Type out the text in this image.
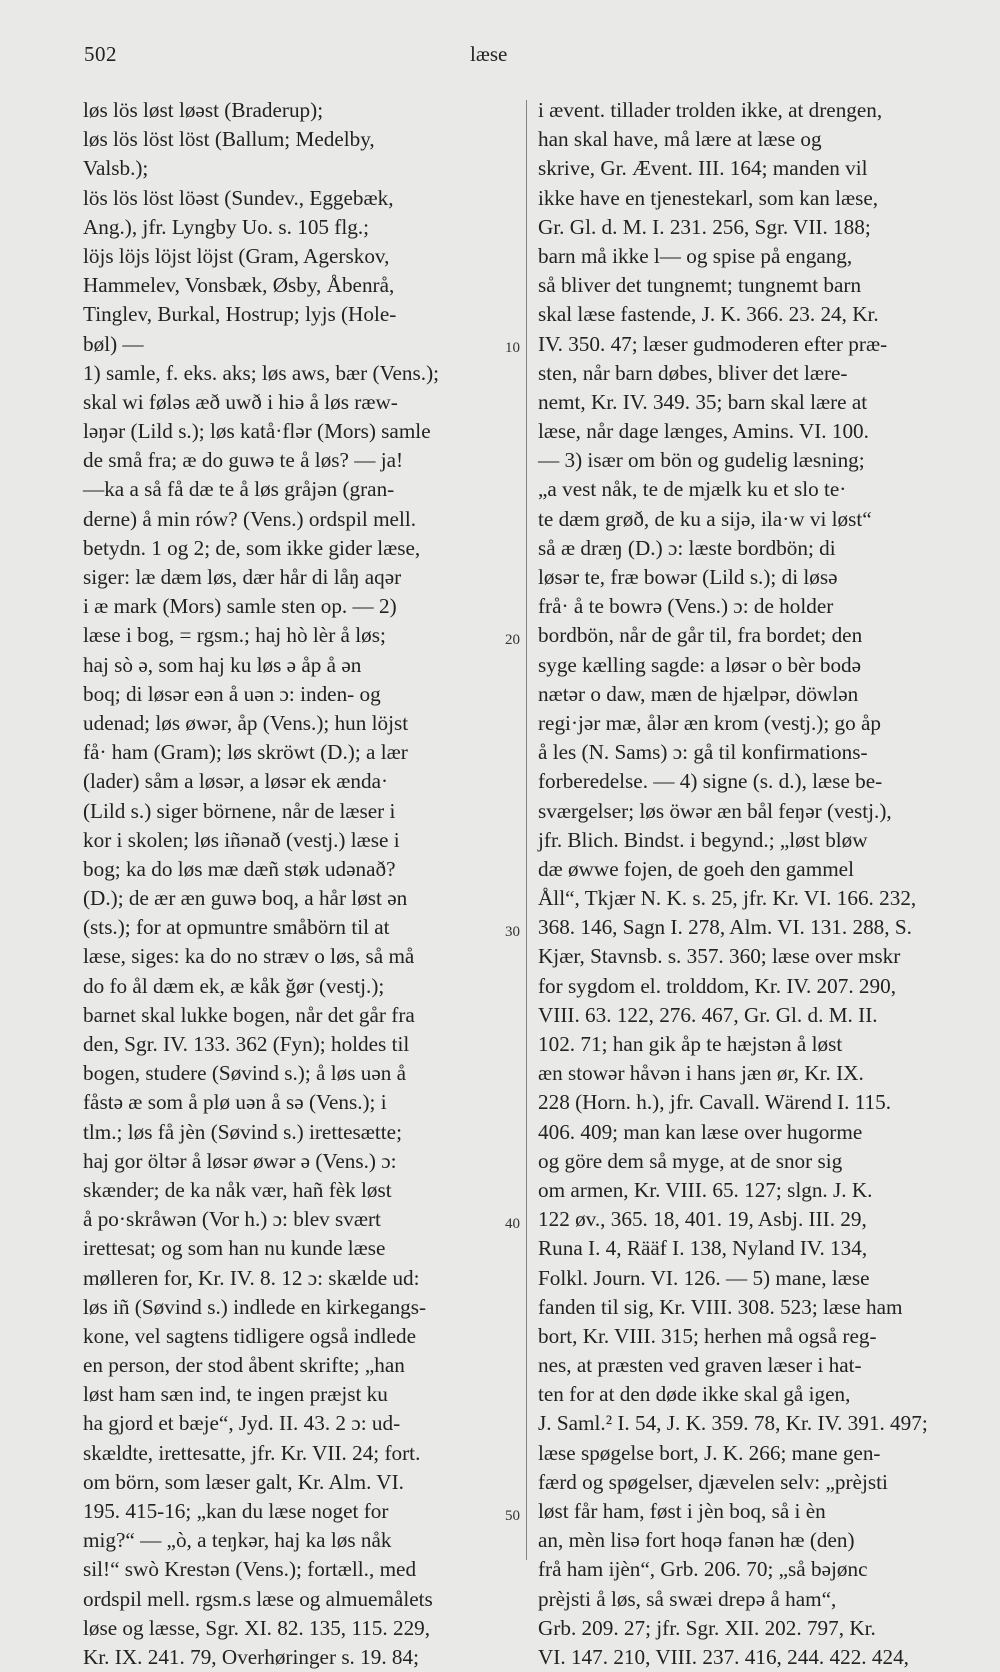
502	læse
løs lös løst løəst (Braderup);
løs lös löst löst (Ballum; Medelby,
Valsb.);
lös lös löst löəst (Sundev., Eggebæk,
Ang.), jfr. Lyngby Uo. s. 105 flg.;
löjs löjs löjst löjst (Gram, Agerskov,
Hammelev, Vonsbæk, Øsby, Åbenrå,
Tinglev, Burkal, Hostrup; lyjs (Hole-
bøl) —
1) samle, f. eks. aks; løs aws, bær (Vens.);
skal wi føləs æð uwð i hiə å løs ræw-
ləŋər (Lild s.); løs katå·flər (Mors) samle
de små fra; æ do guwə te å løs? — ja!
—ka a så få dæ te å løs gråjən (gran-
derne) å min rów? (Vens.) ordspil mell.
betydn. 1 og 2; de, som ikke gider læse,
siger: læ dæm løs, dær hår di låŋ aqər
i æ mark (Mors) samle sten op. — 2)
læse i bog, = rgsm.; haj hò lèr å løs;
haj sò ə, som haj ku løs ə åp å ən
boq; di løsər eən å uən ɔ: inden- og
udenad; løs øwər, åp (Vens.); hun löjst
få· ham (Gram); løs skröwt (D.); a lær
(lader) såm a løsər, a løsər ek ænda·
(Lild s.) siger börnene, når de læser i
kor i skolen; løs iñənað (vestj.) læse i
bog; ka do løs mæ dæñ støk udənað?
(D.); de ær æn guwə boq, a hår løst ən
(sts.); for at opmuntre småbörn til at
læse, siges: ka do no stræv o løs, så må
do fo ål dæm ek, æ kåk ğør (vestj.);
barnet skal lukke bogen, når det går fra
den, Sgr. IV. 133. 362 (Fyn); holdes til
bogen, studere (Søvind s.); å løs uən å
fåstə æ som å plø uən å sə (Vens.); i
tlm.; løs få jèn (Søvind s.) irettesætte;
haj gor öltər å løsər øwər ə (Vens.) ɔ:
skænder; de ka nåk vær, hañ fèk løst
å po·skråwən (Vor h.) ɔ: blev svært
irettesat; og som han nu kunde læse
mølleren for, Kr. IV. 8. 12 ɔ: skælde ud:
løs iñ (Søvind s.) indlede en kirkegangs-
kone, vel sagtens tidligere også indlede
en person, der stod åbent skrifte; „han
løst ham sæn ind, te ingen præjst ku
ha gjord et bæje“, Jyd. II. 43. 2 ɔ: ud-
skældte, irettesatte, jfr. Kr. VII. 24; fort.
om börn, som læser galt, Kr. Alm. VI.
195. 415-16; „kan du læse noget for
mig?“ — „ò, a teŋkər, haj ka løs nåk
sil!“ swò Krestən (Vens.); fortæll., med
ordspil mell. rgsm.s læse og almuemålets
løse og læsse, Sgr. XI. 82. 135, 115. 229,
Kr. IX. 241. 79, Overhøringer s. 19. 84;
i ævent. tillader trolden ikke, at drengen,
han skal have, må lære at læse og
skrive, Gr. Ævent. III. 164; manden vil
ikke have en tjenestekarl, som kan læse,
Gr. Gl. d. M. I. 231. 256, Sgr. VII. 188;
barn må ikke l— og spise på engang,
så bliver det tungnemt; tungnemt barn
skal læse fastende, J. K. 366. 23. 24, Kr.
IV. 350. 47; læser gudmoderen efter præ-
sten, når barn døbes, bliver det lære-
nemt, Kr. IV. 349. 35; barn skal lære at
læse, når dage længes, Amins. VI. 100.
— 3) især om bön og gudelig læsning;
„a vest nåk, te de mjælk ku et slo te·
te dæm grøð, de ku a sijə, ila·w vi løst“
så æ dræŋ (D.) ɔ: læste bordbön; di
løsər te, fræ bowər (Lild s.); di løsə
frå· å te bowrə (Vens.) ɔ: de holder
bordbön, når de går til, fra bordet; den
syge kælling sagde: a løsər o bèr bodə
nætər o daw, mæn de hjælpər, döwlən
regi·jər mæ, ålər æn krom (vestj.); go åp
å les (N. Sams) ɔ: gå til konfirmations-
forberedelse. — 4) signe (s. d.), læse be-
sværgelser; løs öwər æn bål feŋər (vestj.),
jfr. Blich. Bindst. i begynd.; „løst bløw
dæ øwwe fojen, de goeh den gammel
Åll“, Tkjær N. K. s. 25, jfr. Kr. VI. 166. 232,
368. 146, Sagn I. 278, Alm. VI. 131. 288, S.
Kjær, Stavnsb. s. 357. 360; læse over mskr
for sygdom el. trolddom, Kr. IV. 207. 290,
VIII. 63. 122, 276. 467, Gr. Gl. d. M. II.
102. 71; han gik åp te hæjstən å løst
æn stowər håvən i hans jæn ør, Kr. IX.
228 (Horn. h.), jfr. Cavall. Wärend I. 115.
406. 409; man kan læse over hugorme
og göre dem så myge, at de snor sig
om armen, Kr. VIII. 65. 127; slgn. J. K.
122 øv., 365. 18, 401. 19, Asbj. III. 29,
Runa I. 4, Rääf I. 138, Nyland IV. 134,
Folkl. Journ. VI. 126. — 5) mane, læse
fanden til sig, Kr. VIII. 308. 523; læse ham
bort, Kr. VIII. 315; herhen må også reg-
nes, at præsten ved graven læser i hat-
ten for at den døde ikke skal gå igen,
J. Saml.² I. 54, J. K. 359. 78, Kr. IV. 391. 497;
læse spøgelse bort, J. K. 266; mane gen-
færd og spøgelser, djævelen selv: „prèjsti
løst får ham, føst i jèn boq, så i èn
an, mèn lisə fort hoqə fanən hæ (den)
frå ham ijèn“, Grb. 206. 70; „så bəjønc
prèjsti å løs, så swæi drepə å ham“,
Grb. 209. 27; jfr. Sgr. XII. 202. 797, Kr.
VI. 147. 210, VIII. 237. 416, 244. 422. 424,
10
20
30
40
50
